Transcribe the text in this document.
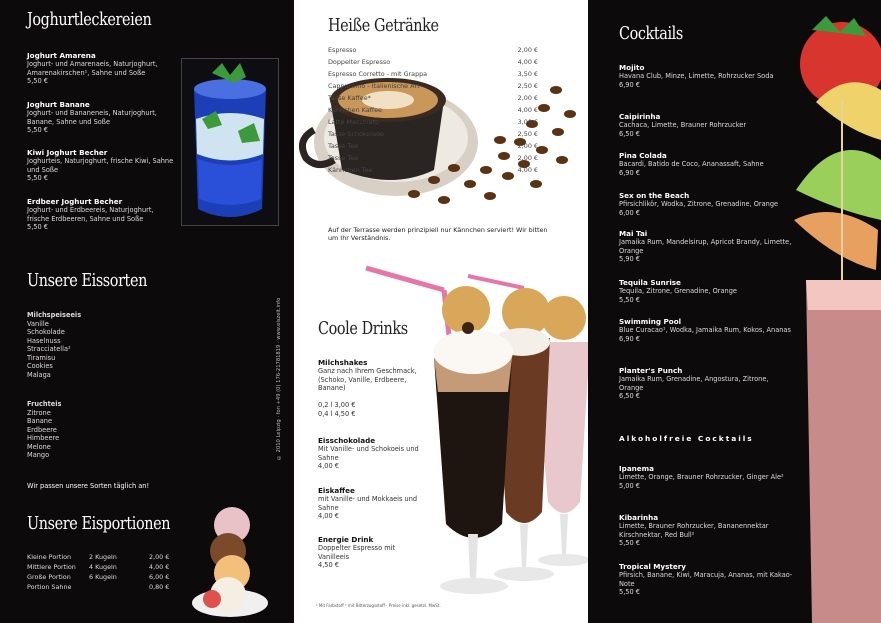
Joghurtleckereien
Joghurt Amarena
Joghurt- und Amarenaeis, Naturjoghurt, Amarenakirschen¹, Sahne und Soße
5,50 €
Joghurt Banane
Joghurt- und Bananeneis, Naturjoghurt, Banane, Sahne und Soße
5,50 €
Kiwi Joghurt Becher
Joghurteis, Naturjoghurt, frische Kiwi, Sahne und Soße
5,50 €
Erdbeer Joghurt Becher
Joghurt- und Erdbeereis, Naturjoghurt, frische Erdbeeren, Sahne und Soße
5,50 €
Unsere Eissorten
Milchspeiseeis
Vanille
Schokolade
Haselnuss
Stracciatella²
Tiramisu
Cookies
Malaga
Fruchteis
Zitrone
Banane
Erdbeere
Himbeere
Melone
Mango
Wir passen unsere Sorten täglich an!
Unsere Eisportionen
Kleine Portion	2 Kugeln	2,00 €
Mittlere Portion	4 Kugeln	4,00 €
Große Portion	6 Kugeln	6,00 €
Portion Sahne	0,80 €
© 2010 Leipzig · fon +49 (0) 176-21781819 · www.eiszeit.info
Heiße Getränke
Espresso	2,00 €
Doppelter Espresso	4,00 €
Espresso Corretto - mit Grappa	3,50 €
Cappuccino - Italienische Art	2,50 €
Tasse Kaffee*	2,00 €
Kännchen Kaffee	4,00 €
Latte Macchiato	3,00 €
Tasse Schokolade	2,50 €
Tasse Tee	2,00 €
Tasse Tee	2,00 €
Kännchen Tee	4,00 €
Auf der Terrasse werden prinzipiell nur Kännchen serviert! Wir bitten um Ihr Verständnis.
Coole Drinks
Milchshakes
Ganz nach Ihrem Geschmack, (Schoko, Vanille, Erdbeere, Banane)
0,2 l 3,00 €
0,4 l 4,50 €
Eisschokolade
Mit Vanille- und Schokoeis und Sahne
4,00 €
Eiskaffee
mit Vanille- und Mokkaeis und Sahne
4,00 €
Energie Drink
Doppelter Espresso mit Vanilleeis
4,50 €
¹ Mit Farbstoff ² mit Bitterzugsstoff · Preise inkl. gesetzl. MwSt.
Cocktails
Mojito
Havana Club, Minze, Limette, Rohrzucker Soda
6,90 €
Caipirinha
Cachaca, Limette, Brauner Rohrzucker
6,50 €
Pina Colada
Bacardi, Batido de Coco, Ananassaft, Sahne
6,90 €
Sex on the Beach
Pfirsichlikör, Wodka, Zitrone, Grenadine, Orange
6,00 €
Mai Tai
Jamaika Rum, Mandelsirup, Apricot Brandy, Limette, Orange
5,90 €
Tequila Sunrise
Tequila, Zitrone, Grenadine, Orange
5,50 €
Swimming Pool
Blue Curacao¹, Wodka, Jamaika Rum, Kokos, Ananas
6,90 €
Planter's Punch
Jamaika Rum, Grenadine, Angostura, Zitrone, Orange
6,50 €
Alkoholfreie Cocktails
Ipanema
Limette, Orange, Brauner Rohrzucker, Ginger Ale²
5,00 €
Kibarinha
Limette, Brauner Rohrzucker, Bananennektar Kirschnektar, Red Bull²
5,50 €
Tropical Mystery
Pfirsich, Banane, Kiwi, Maracuja, Ananas, mit Kakao-Note
5,50 €
